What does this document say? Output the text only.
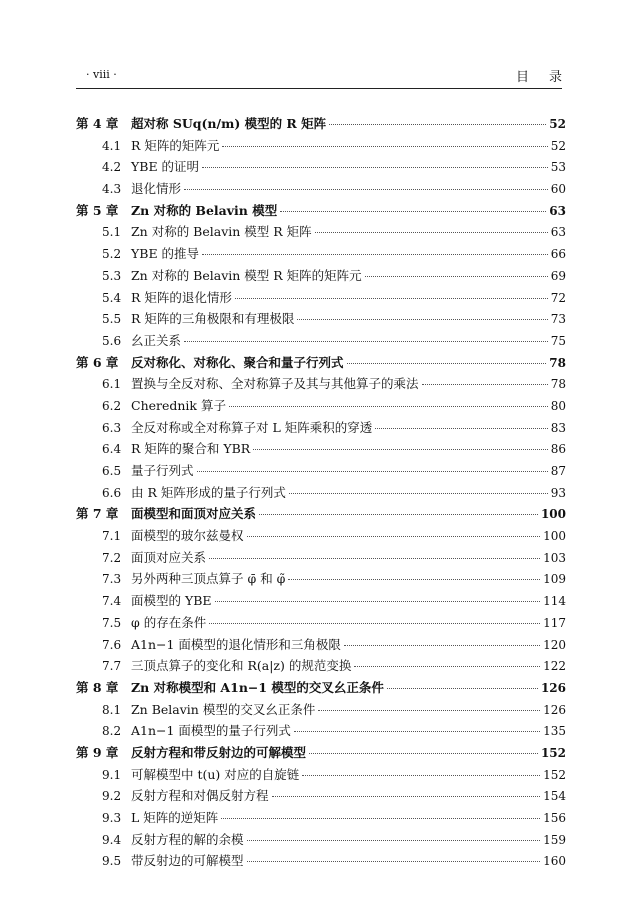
· viii ·	目录
第 4 章	超对称 SUq(n/m) 模型的 R 矩阵	52
4.1 R 矩阵的矩阵元	52
4.2 YBE 的证明	53
4.3 退化情形	60
第 5 章	Zn 对称的 Belavin 模型	63
5.1 Zn 对称的 Belavin 模型 R 矩阵	63
5.2 YBE 的推导	66
5.3 Zn 对称的 Belavin 模型 R 矩阵的矩阵元	69
5.4 R 矩阵的退化情形	72
5.5 R 矩阵的三角极限和有理极限	73
5.6 幺正关系	75
第 6 章	反对称化、对称化、聚合和量子行列式	78
6.1 置换与全反对称、全对称算子及其与其他算子的乘法	78
6.2 Cherednik 算子	80
6.3 全反对称或全对称算子对 L 矩阵乘积的穿透	83
6.4 R 矩阵的聚合和 YBR	86
6.5 量子行列式	87
6.6 由 R 矩阵形成的量子行列式	93
第 7 章	面模型和面顶对应关系	100
7.1 面模型的玻尔兹曼权	100
7.2 面顶对应关系	103
7.3 另外两种三顶点算子 φ̄ 和 φ̃	109
7.4 面模型的 YBE	114
7.5 φ 的存在条件	117
7.6 A1n−1 面模型的退化情形和三角极限	120
7.7 三顶点算子的变化和 R(a|z) 的规范变换	122
第 8 章	Zn 对称模型和 A1n−1 模型的交叉幺正条件	126
8.1 Zn Belavin 模型的交叉幺正条件	126
8.2 A1n−1 面模型的量子行列式	135
第 9 章	反射方程和带反射边的可解模型	152
9.1 可解模型中 t(u) 对应的自旋链	152
9.2 反射方程和对偶反射方程	154
9.3 L 矩阵的逆矩阵	156
9.4 反射方程的解的余模	159
9.5 带反射边的可解模型	160
